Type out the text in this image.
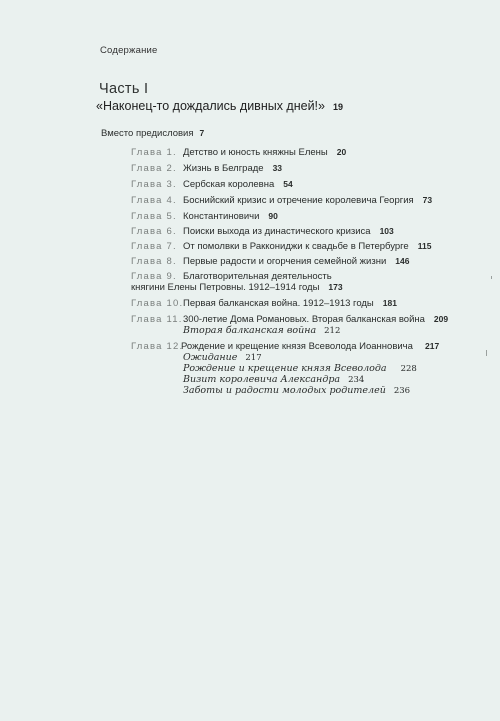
Содержание
Часть I
«Наконец-то дождались дивных дней!» 19
Вместо предисловия 7
Глава 1. Детство и юность княжны Елены 20
Глава 2. Жизнь в Белграде 33
Глава 3. Сербская королевна 54
Глава 4. Боснийский кризис и отречение королевича Георгия 73
Глава 5. Константиновичи 90
Глава 6. Поиски выхода из династического кризиса 103
Глава 7. От помолвки в Раккониджи к свадьбе в Петербурге 115
Глава 8. Первые радости и огорчения семейной жизни 146
Глава 9. Благотворительная деятельность
княгини Елены Петровны. 1912–1914 годы 173
Глава 10. Первая балканская война. 1912–1913 годы 181
Глава 11. 300-летие Дома Романовых. Вторая балканская война 209
Вторая балканская война 212
Глава 12.
Рождение и крещение князя Всеволода Иоанновича 217
Ожидание 217
Рождение и крещение князя Всеволода 228
Визит королевича Александра 234
Заботы и радости молодых родителей 236
